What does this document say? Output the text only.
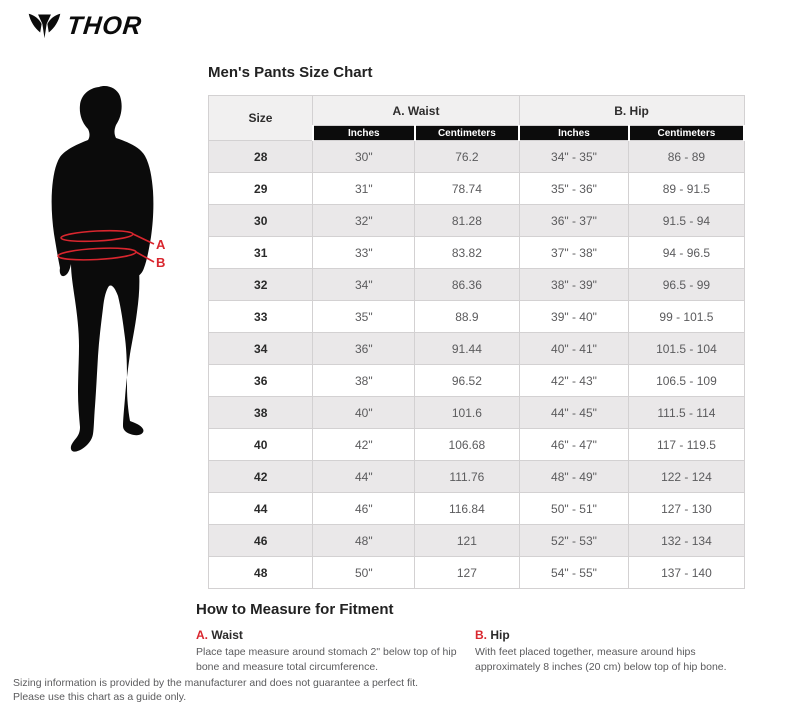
THOR
A
B
Men's Pants Size Chart
Size	A. Waist		B. Hip	
	Inches	Centimeters	Inches	Centimeters
28	30"	76.2	34" - 35"	86 - 89
29	31"	78.74	35" - 36"	89 - 91.5
30	32"	81.28	36" - 37"	91.5 - 94
31	33"	83.82	37" - 38"	94 - 96.5
32	34"	86.36	38" - 39"	96.5 - 99
33	35"	88.9	39" - 40"	99 - 101.5
34	36"	91.44	40" - 41"	101.5 - 104
36	38"	96.52	42" - 43"	106.5 - 109
38	40"	101.6	44" - 45"	111.5 - 114
40	42"	106.68	46" - 47"	117 - 119.5
42	44"	111.76	48" - 49"	122 - 124
44	46"	116.84	50" - 51"	127 - 130
46	48"	121	52" - 53"	132 - 134
48	50"	127	54" - 55"	137 - 140
How to Measure for Fitment

A. Waist

Place tape measure around stomach 2" below top of hip bone and measure total circumference.

B. Hip

With feet placed together, measure around hips approximately 8 inches (20 cm) below top of hip bone.

Sizing information is provided by the manufacturer and does not guarantee a perfect fit.
Please use this chart as a guide only.
